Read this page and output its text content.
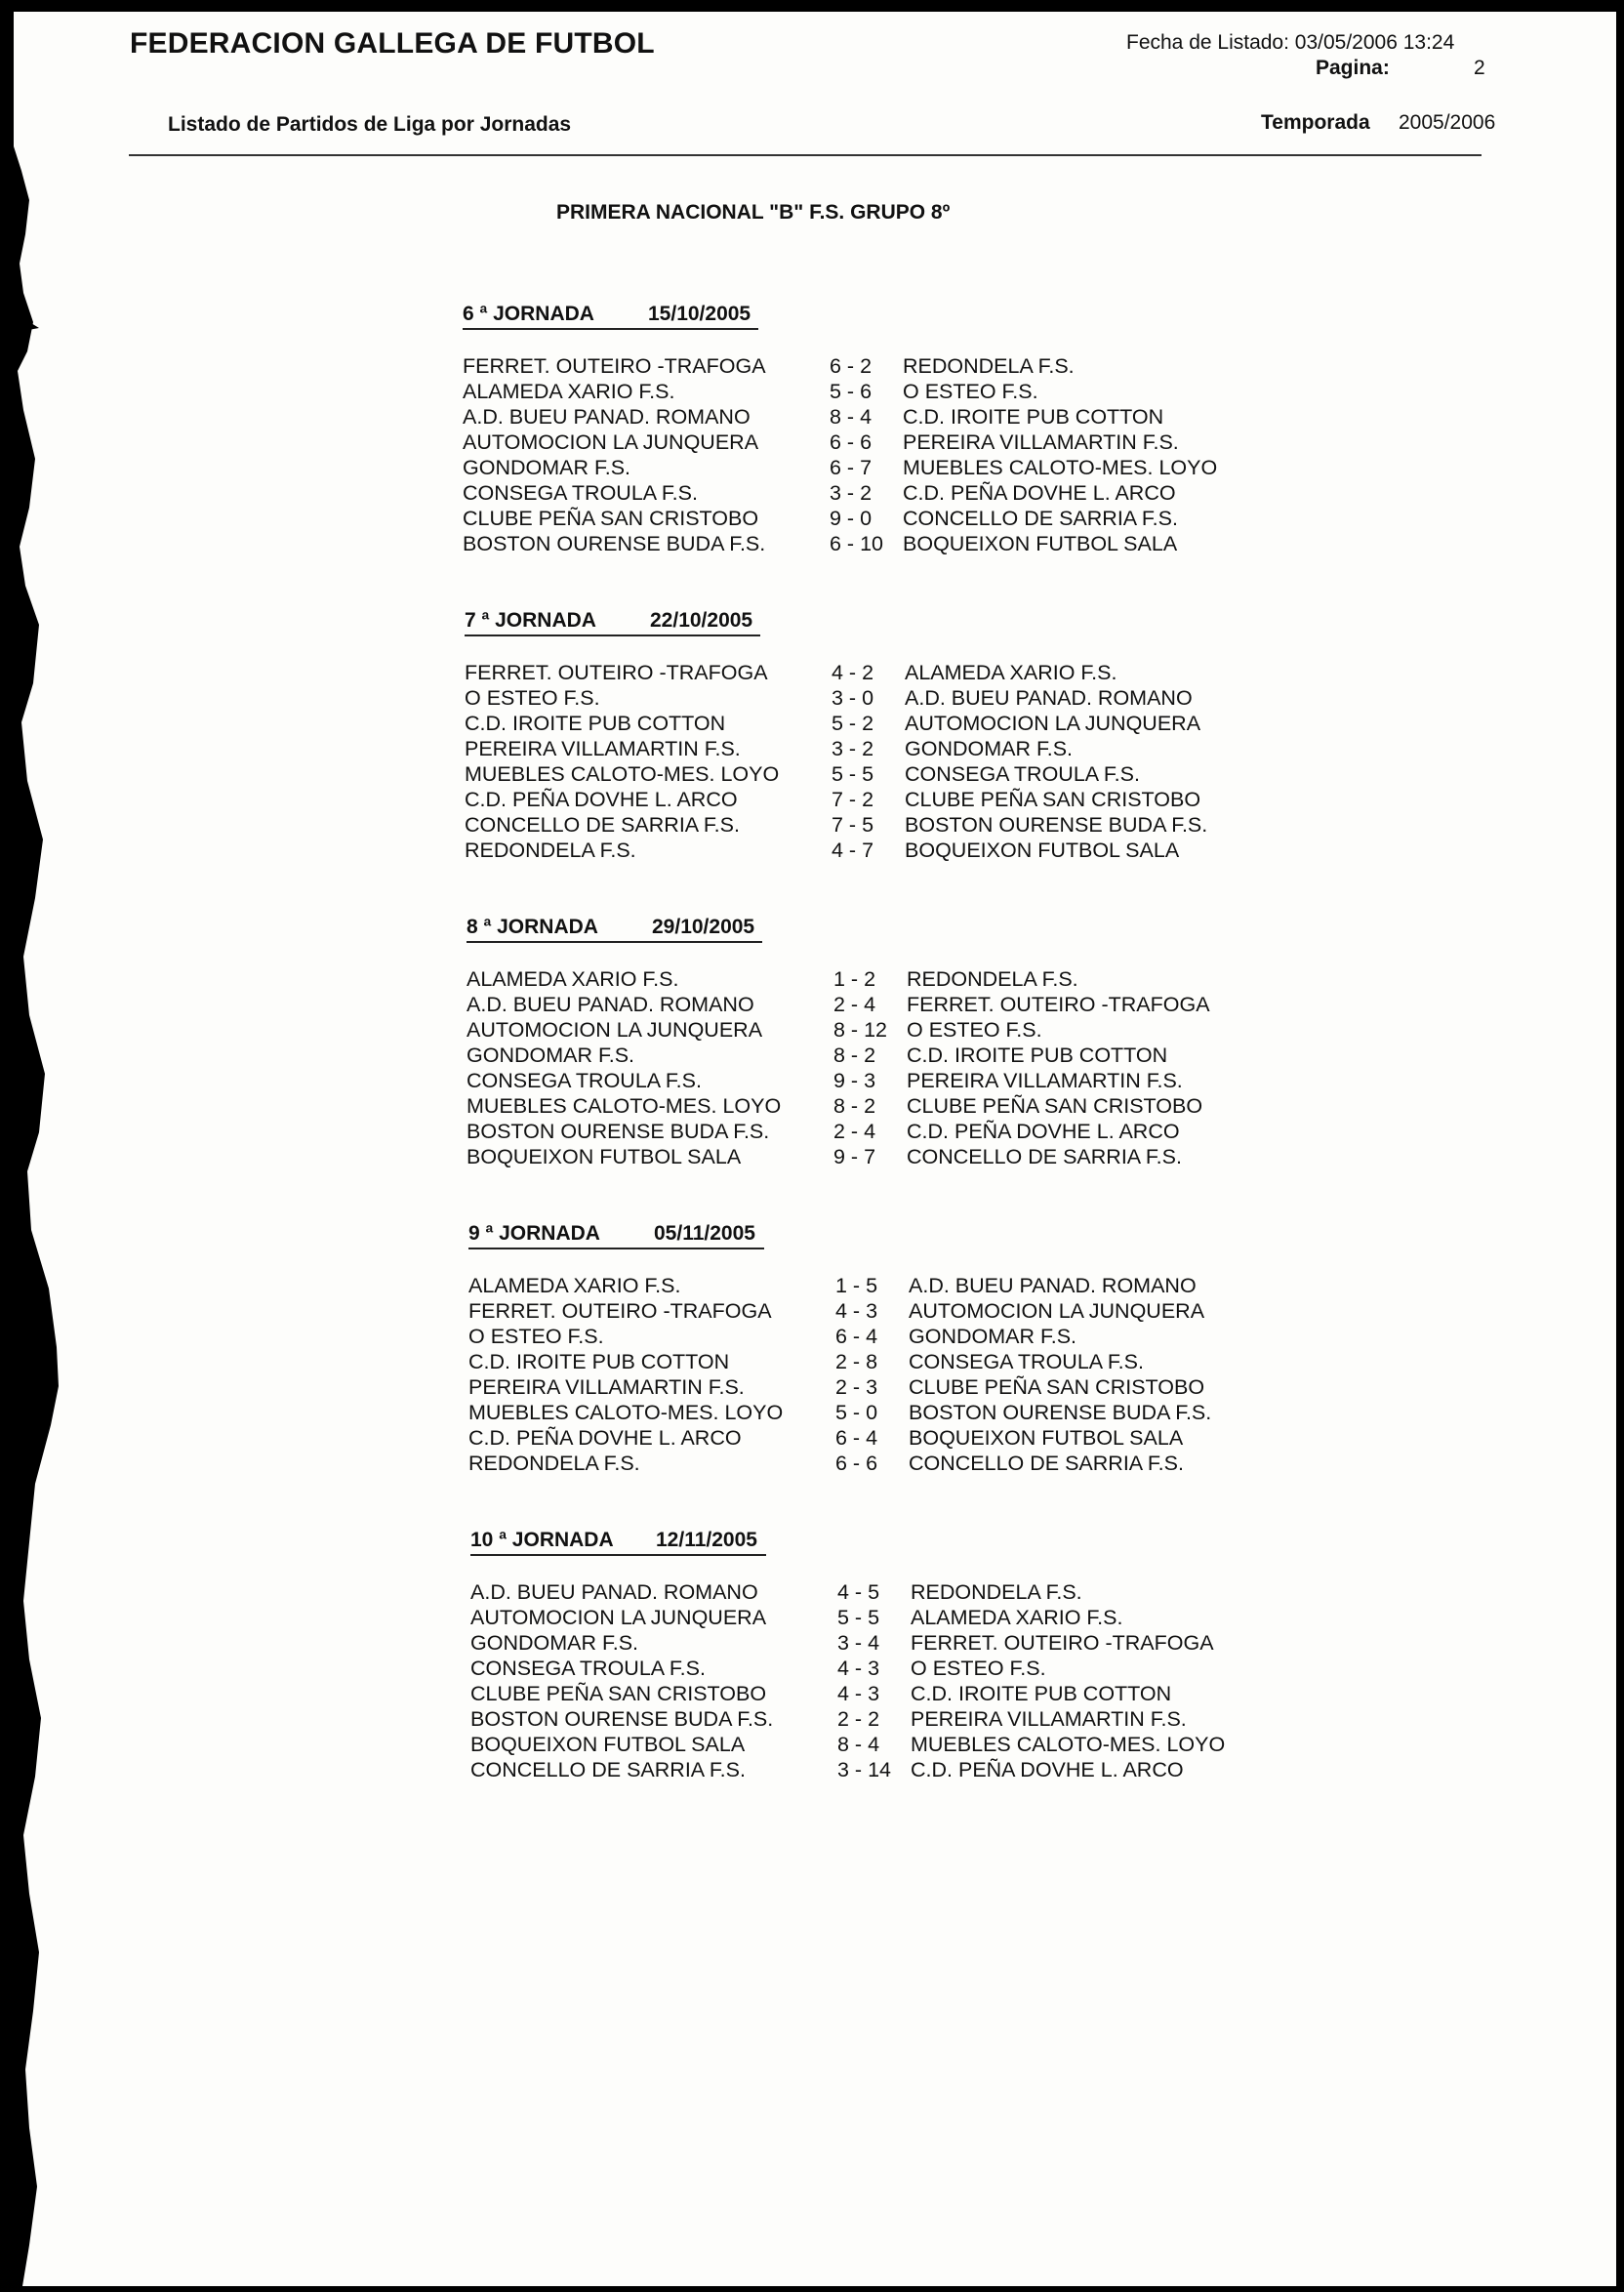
FEDERACION GALLEGA DE FUTBOL	Fecha de Listado: 03/05/2006 13:24
Pagina:	2
Listado de Partidos de Liga por Jornadas	Temporada 2005/2006
PRIMERA NACIONAL "B" F.S. GRUPO 8º
6 ª JORNADA	15/10/2005
FERRET. OUTEIRO -TRAFOGA	6 - 2 REDONDELA F.S.
ALAMEDA XARIO F.S.	5 - 6 O ESTEO F.S.
A.D. BUEU PANAD. ROMANO	8 - 4 C.D. IROITE PUB COTTON
AUTOMOCION LA JUNQUERA	6 - 6 PEREIRA VILLAMARTIN F.S.
GONDOMAR F.S.	6 - 7 MUEBLES CALOTO-MES. LOYO
CONSEGA TROULA F.S.	3 - 2 C.D. PEÑA DOVHE L. ARCO
CLUBE PEÑA SAN CRISTOBO	9 - 0 CONCELLO DE SARRIA F.S.
BOSTON OURENSE BUDA F.S.	6 - 10 BOQUEIXON FUTBOL SALA
7 ª JORNADA	22/10/2005
FERRET. OUTEIRO -TRAFOGA	4 - 2 ALAMEDA XARIO F.S.
O ESTEO F.S.	3 - 0 A.D. BUEU PANAD. ROMANO
C.D. IROITE PUB COTTON	5 - 2 AUTOMOCION LA JUNQUERA
PEREIRA VILLAMARTIN F.S.	3 - 2 GONDOMAR F.S.
MUEBLES CALOTO-MES. LOYO	5 - 5 CONSEGA TROULA F.S.
C.D. PEÑA DOVHE L. ARCO	7 - 2 CLUBE PEÑA SAN CRISTOBO
CONCELLO DE SARRIA F.S.	7 - 5 BOSTON OURENSE BUDA F.S.
REDONDELA F.S.	4 - 7 BOQUEIXON FUTBOL SALA
8 ª JORNADA	29/10/2005
ALAMEDA XARIO F.S.	1 - 2 REDONDELA F.S.
A.D. BUEU PANAD. ROMANO	2 - 4 FERRET. OUTEIRO -TRAFOGA
AUTOMOCION LA JUNQUERA	8 - 12 O ESTEO F.S.
GONDOMAR F.S.	8 - 2 C.D. IROITE PUB COTTON
CONSEGA TROULA F.S.	9 - 3 PEREIRA VILLAMARTIN F.S.
MUEBLES CALOTO-MES. LOYO	8 - 2 CLUBE PEÑA SAN CRISTOBO
BOSTON OURENSE BUDA F.S.	2 - 4 C.D. PEÑA DOVHE L. ARCO
BOQUEIXON FUTBOL SALA	9 - 7 CONCELLO DE SARRIA F.S.
9 ª JORNADA	05/11/2005
ALAMEDA XARIO F.S.	1 - 5 A.D. BUEU PANAD. ROMANO
FERRET. OUTEIRO -TRAFOGA	4 - 3 AUTOMOCION LA JUNQUERA
O ESTEO F.S.	6 - 4 GONDOMAR F.S.
C.D. IROITE PUB COTTON	2 - 8 CONSEGA TROULA F.S.
PEREIRA VILLAMARTIN F.S.	2 - 3 CLUBE PEÑA SAN CRISTOBO
MUEBLES CALOTO-MES. LOYO	5 - 0 BOSTON OURENSE BUDA F.S.
C.D. PEÑA DOVHE L. ARCO	6 - 4 BOQUEIXON FUTBOL SALA
REDONDELA F.S.	6 - 6 CONCELLO DE SARRIA F.S.
10 ª JORNADA 12/11/2005
A.D. BUEU PANAD. ROMANO	4 - 5 REDONDELA F.S.
AUTOMOCION LA JUNQUERA	5 - 5 ALAMEDA XARIO F.S.
GONDOMAR F.S.	3 - 4 FERRET. OUTEIRO -TRAFOGA
CONSEGA TROULA F.S.	4 - 3 O ESTEO F.S.
CLUBE PEÑA SAN CRISTOBO	4 - 3 C.D. IROITE PUB COTTON
BOSTON OURENSE BUDA F.S.	2 - 2 PEREIRA VILLAMARTIN F.S.
BOQUEIXON FUTBOL SALA	8 - 4 MUEBLES CALOTO-MES. LOYO
CONCELLO DE SARRIA F.S.	3 - 14 C.D. PEÑA DOVHE L. ARCO
